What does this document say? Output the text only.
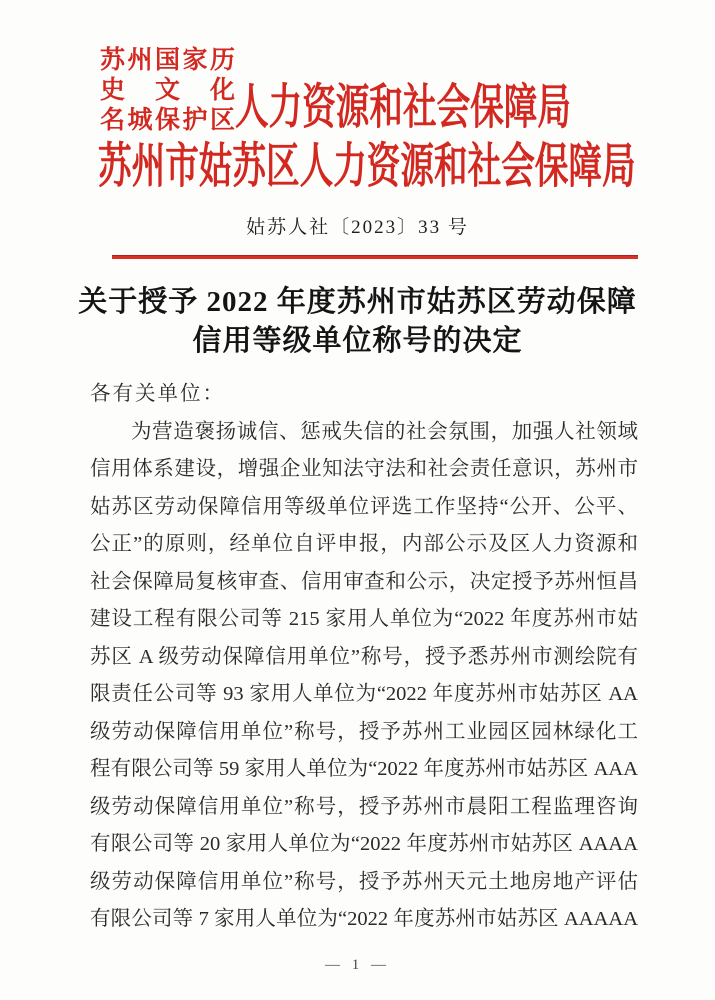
苏州国家历史文化
名城保护区 人力资源和社会保障局
苏州市姑苏区人力资源和社会保障局
姑苏人社〔2023〕33 号
关于授予 2022 年度苏州市姑苏区劳动保障
信用等级单位称号的决定
各有关单位：

为营造褒扬诚信、惩戒失信的社会氛围，加强人社领域

信用体系建设，增强企业知法守法和社会责任意识，苏州市

姑苏区劳动保障信用等级单位评选工作坚持“公开、公平、

公正”的原则，经单位自评申报，内部公示及区人力资源和

社会保障局复核审查、信用审查和公示，决定授予苏州恒昌

建设工程有限公司等 215 家用人单位为“2022 年度苏州市姑

苏区 A 级劳动保障信用单位”称号，授予悉苏州市测绘院有

限责任公司等 93 家用人单位为“2022 年度苏州市姑苏区 AA

级劳动保障信用单位”称号，授予苏州工业园区园林绿化工

程有限公司等 59 家用人单位为“2022 年度苏州市姑苏区 AAA

级劳动保障信用单位”称号，授予苏州市晨阳工程监理咨询

有限公司等 20 家用人单位为“2022 年度苏州市姑苏区 AAAA

级劳动保障信用单位”称号，授予苏州天元土地房地产评估

有限公司等 7 家用人单位为“2022 年度苏州市姑苏区 AAAAA

— 1 —
